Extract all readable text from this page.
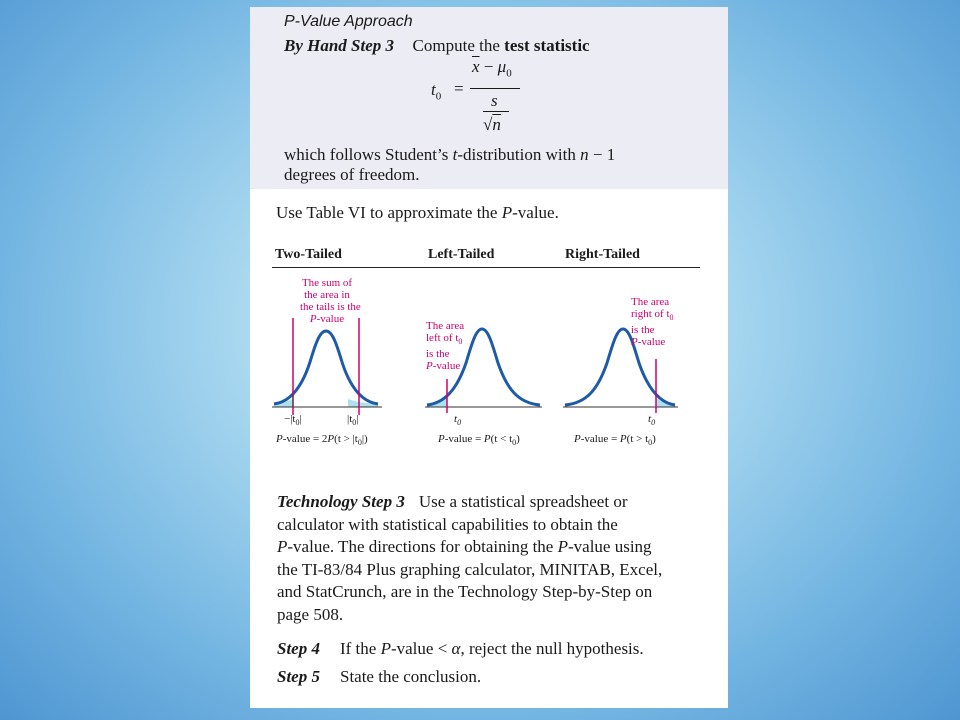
P-Value Approach
By Hand Step 3 Compute the test statistic
$t_0$ =
$\overline{x} - \mu_0$
s
√n
which follows Student’s t-distribution with n − 1
degrees of freedom.
Use Table VI to approximate the P-value.
Two-Tailed	Left-Tailed	Right-Tailed
The sum of
the area in
the tails is the
P-value
$-|t_0|$	$|t_0|$
P-value = $2P(t > |t_0|)$
The area
left of $t_0$
is the
P-value
$t_0$
P-value = $P(t < t_0)$
The area
right of $t_0$
is the
P-value
$t_0$
P-value = $P(t > t_0)$
Technology Step 3 Use a statistical spreadsheet or
calculator with statistical capabilities to obtain the
P-value. The directions for obtaining the P-value using
the TI-83/84 Plus graphing calculator, MINITAB, Excel,
and StatCrunch, are in the Technology Step-by-Step on
page 508.
Step 4 If the P-value < α, reject the null hypothesis.
Step 5 State the conclusion.
